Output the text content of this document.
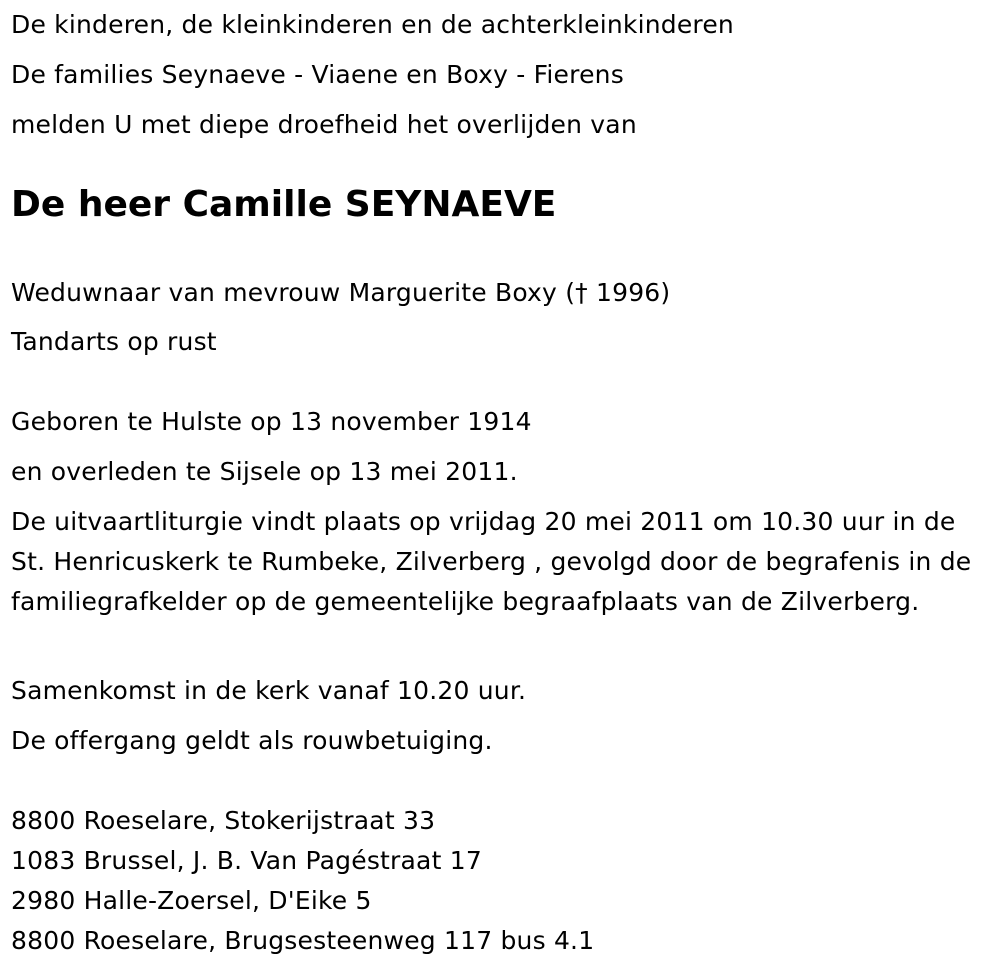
De kinderen, de kleinkinderen en de achterkleinkinderen
De families Seynaeve - Viaene en Boxy - Fierens
melden U met diepe droefheid het overlijden van
De heer Camille SEYNAEVE
Weduwnaar van mevrouw Marguerite Boxy († 1996)
Tandarts op rust
Geboren te Hulste op 13 november 1914
en overleden te Sijsele op 13 mei 2011.
De uitvaartliturgie vindt plaats op vrijdag 20 mei 2011 om 10.30 uur in de St. Henricuskerk te Rumbeke, Zilverberg , gevolgd door de begrafenis in de familiegrafkelder op de gemeentelijke begraafplaats van de Zilverberg.
Samenkomst in de kerk vanaf 10.20 uur.
De offergang geldt als rouwbetuiging.
8800 Roeselare, Stokerijstraat 33
1083 Brussel, J. B. Van Pagéstraat 17
2980 Halle-Zoersel, D'Eike 5
8800 Roeselare, Brugsesteenweg 117 bus 4.1
